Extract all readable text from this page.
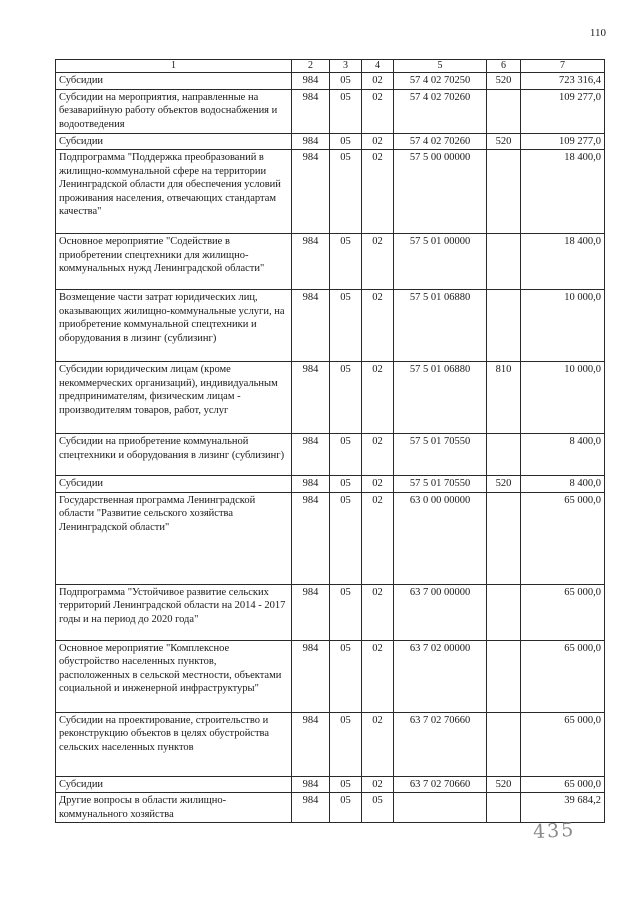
110
1	2	3	4	5	6	7
Субсидии	984	05	02	57 4 02 70250	520	723 316,4
Субсидии на мероприятия, направленные на безаварийную работу объектов водоснабжения и водоотведения	984	05	02	57 4 02 70260		109 277,0
Субсидии	984	05	02	57 4 02 70260	520	109 277,0
Подпрограмма "Поддержка преобразований в жилищно-коммунальной сфере на территории Ленинградской области для обеспечения условий проживания населения, отвечающих стандартам качества"	984	05	02	57 5 00 00000		18 400,0
Основное мероприятие "Содействие в приобретении спецтехники для жилищно-коммунальных нужд Ленинградской области"	984	05	02	57 5 01 00000		18 400,0
Возмещение части затрат юридических лиц, оказывающих жилищно-коммунальные услуги, на приобретение коммунальной спецтехники и оборудования в лизинг (сублизинг)	984	05	02	57 5 01 06880		10 000,0
Субсидии юридическим лицам (кроме некоммерческих организаций), индивидуальным предпринимателям, физическим лицам - производителям товаров, работ, услуг	984	05	02	57 5 01 06880	810	10 000,0
Субсидии на приобретение коммунальной спецтехники и оборудования в лизинг (сублизинг)	984	05	02	57 5 01 70550		8 400,0
Субсидии	984	05	02	57 5 01 70550	520	8 400,0
Государственная программа Ленинградской области "Развитие сельского хозяйства Ленинградской области"	984	05	02	63 0 00 00000		65 000,0
Подпрограмма "Устойчивое развитие сельских территорий Ленинградской области на 2014 - 2017 годы и на период до 2020 года"	984	05	02	63 7 00 00000		65 000,0
Основное мероприятие "Комплексное обустройство населенных пунктов, расположенных в сельской местности, объектами социальной и инженерной инфраструктуры"	984	05	02	63 7 02 00000		65 000,0
Субсидии на проектирование, строительство и реконструкцию объектов в целях обустройства сельских населенных пунктов	984	05	02	63 7 02 70660		65 000,0
Субсидии	984	05	02	63 7 02 70660	520	65 000,0
Другие вопросы в области жилищно-коммунального хозяйства	984	05	05			39 684,2
435
